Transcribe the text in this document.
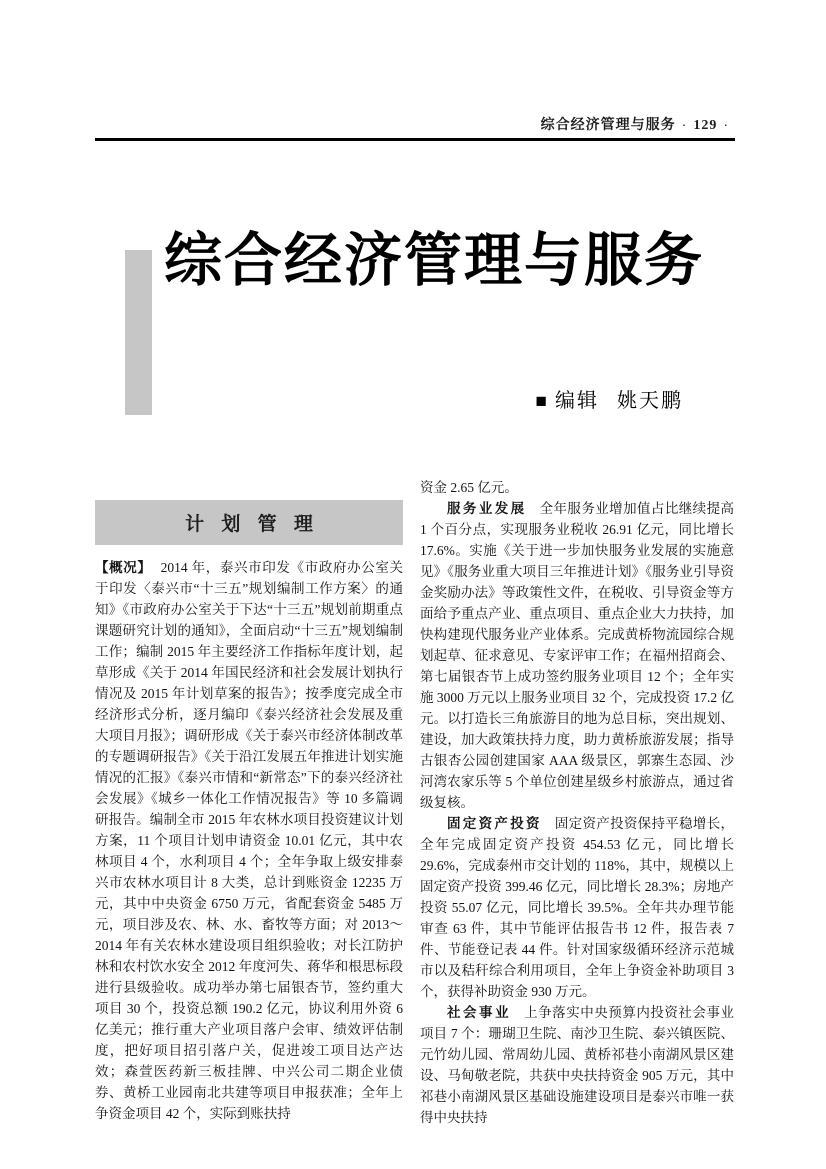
综合经济管理与服务 · 129 ·
综合经济管理与服务
■ 编辑 姚天鹏
计 划 管 理

【概况】 2014 年，泰兴市印发《市政府办公室关于印发〈泰兴市“十三五”规划编制工作方案〉的通知》《市政府办公室关于下达“十三五”规划前期重点课题研究计划的通知》，全面启动“十三五”规划编制工作；编制 2015 年主要经济工作指标年度计划，起草形成《关于 2014 年国民经济和社会发展计划执行情况及 2015 年计划草案的报告》；按季度完成全市经济形式分析，逐月编印《泰兴经济社会发展及重大项目月报》；调研形成《关于泰兴市经济体制改革的专题调研报告》《关于沿江发展五年推进计划实施情况的汇报》《泰兴市情和“新常态”下的泰兴经济社会发展》《城乡一体化工作情况报告》等 10 多篇调研报告。编制全市 2015 年农林水项目投资建议计划方案，11 个项目计划申请资金 10.01 亿元，其中农林项目 4 个，水利项目 4 个；全年争取上级安排泰兴市农林水项目计 8 大类，总计到账资金 12235 万元，其中中央资金 6750 万元，省配套资金 5485 万元，项目涉及农、林、水、畜牧等方面；对 2013～2014 年有关农林水建设项目组织验收；对长江防护林和农村饮水安全 2012 年度河失、蒋华和根思标段进行县级验收。成功举办第七届银杏节，签约重大项目 30 个，投资总额 190.2 亿元，协议利用外资 6 亿美元；推行重大产业项目落户会审、绩效评估制度，把好项目招引落户关，促进竣工项目达产达效；森萱医药新三板挂牌、中兴公司二期企业债券、黄桥工业园南北共建等项目申报获准；全年上争资金项目 42 个，实际到账扶持

资金 2.65 亿元。

服务业发展 全年服务业增加值占比继续提高 1 个百分点，实现服务业税收 26.91 亿元，同比增长 17.6%。实施《关于进一步加快服务业发展的实施意见》《服务业重大项目三年推进计划》《服务业引导资金奖励办法》等政策性文件，在税收、引导资金等方面给予重点产业、重点项目、重点企业大力扶持，加快构建现代服务业产业体系。完成黄桥物流园综合规划起草、征求意见、专家评审工作；在福州招商会、第七届银杏节上成功签约服务业项目 12 个；全年实施 3000 万元以上服务业项目 32 个，完成投资 17.2 亿元。以打造长三角旅游目的地为总目标，突出规划、建设，加大政策扶持力度，助力黄桥旅游发展；指导古银杏公园创建国家 AAA 级景区，郭寨生态园、沙河湾农家乐等 5 个单位创建星级乡村旅游点，通过省级复核。

固定资产投资 固定资产投资保持平稳增长，全年完成固定资产投资 454.53 亿元，同比增长 29.6%，完成泰州市交计划的 118%，其中，规模以上固定资产投资 399.46 亿元，同比增长 28.3%；房地产投资 55.07 亿元，同比增长 39.5%。全年共办理节能审查 63 件，其中节能评估报告书 12 件，报告表 7 件、节能登记表 44 件。针对国家级循环经济示范城市以及秸秆综合利用项目，全年上争资金补助项目 3 个，获得补助资金 930 万元。

社会事业 上争落实中央预算内投资社会事业项目 7 个：珊瑚卫生院、南沙卫生院、泰兴镇医院、元竹幼儿园、常周幼儿园、黄桥祁巷小南湖风景区建设、马甸敬老院，共获中央扶持资金 905 万元，其中祁巷小南湖风景区基础设施建设项目是泰兴市唯一获得中央扶持
